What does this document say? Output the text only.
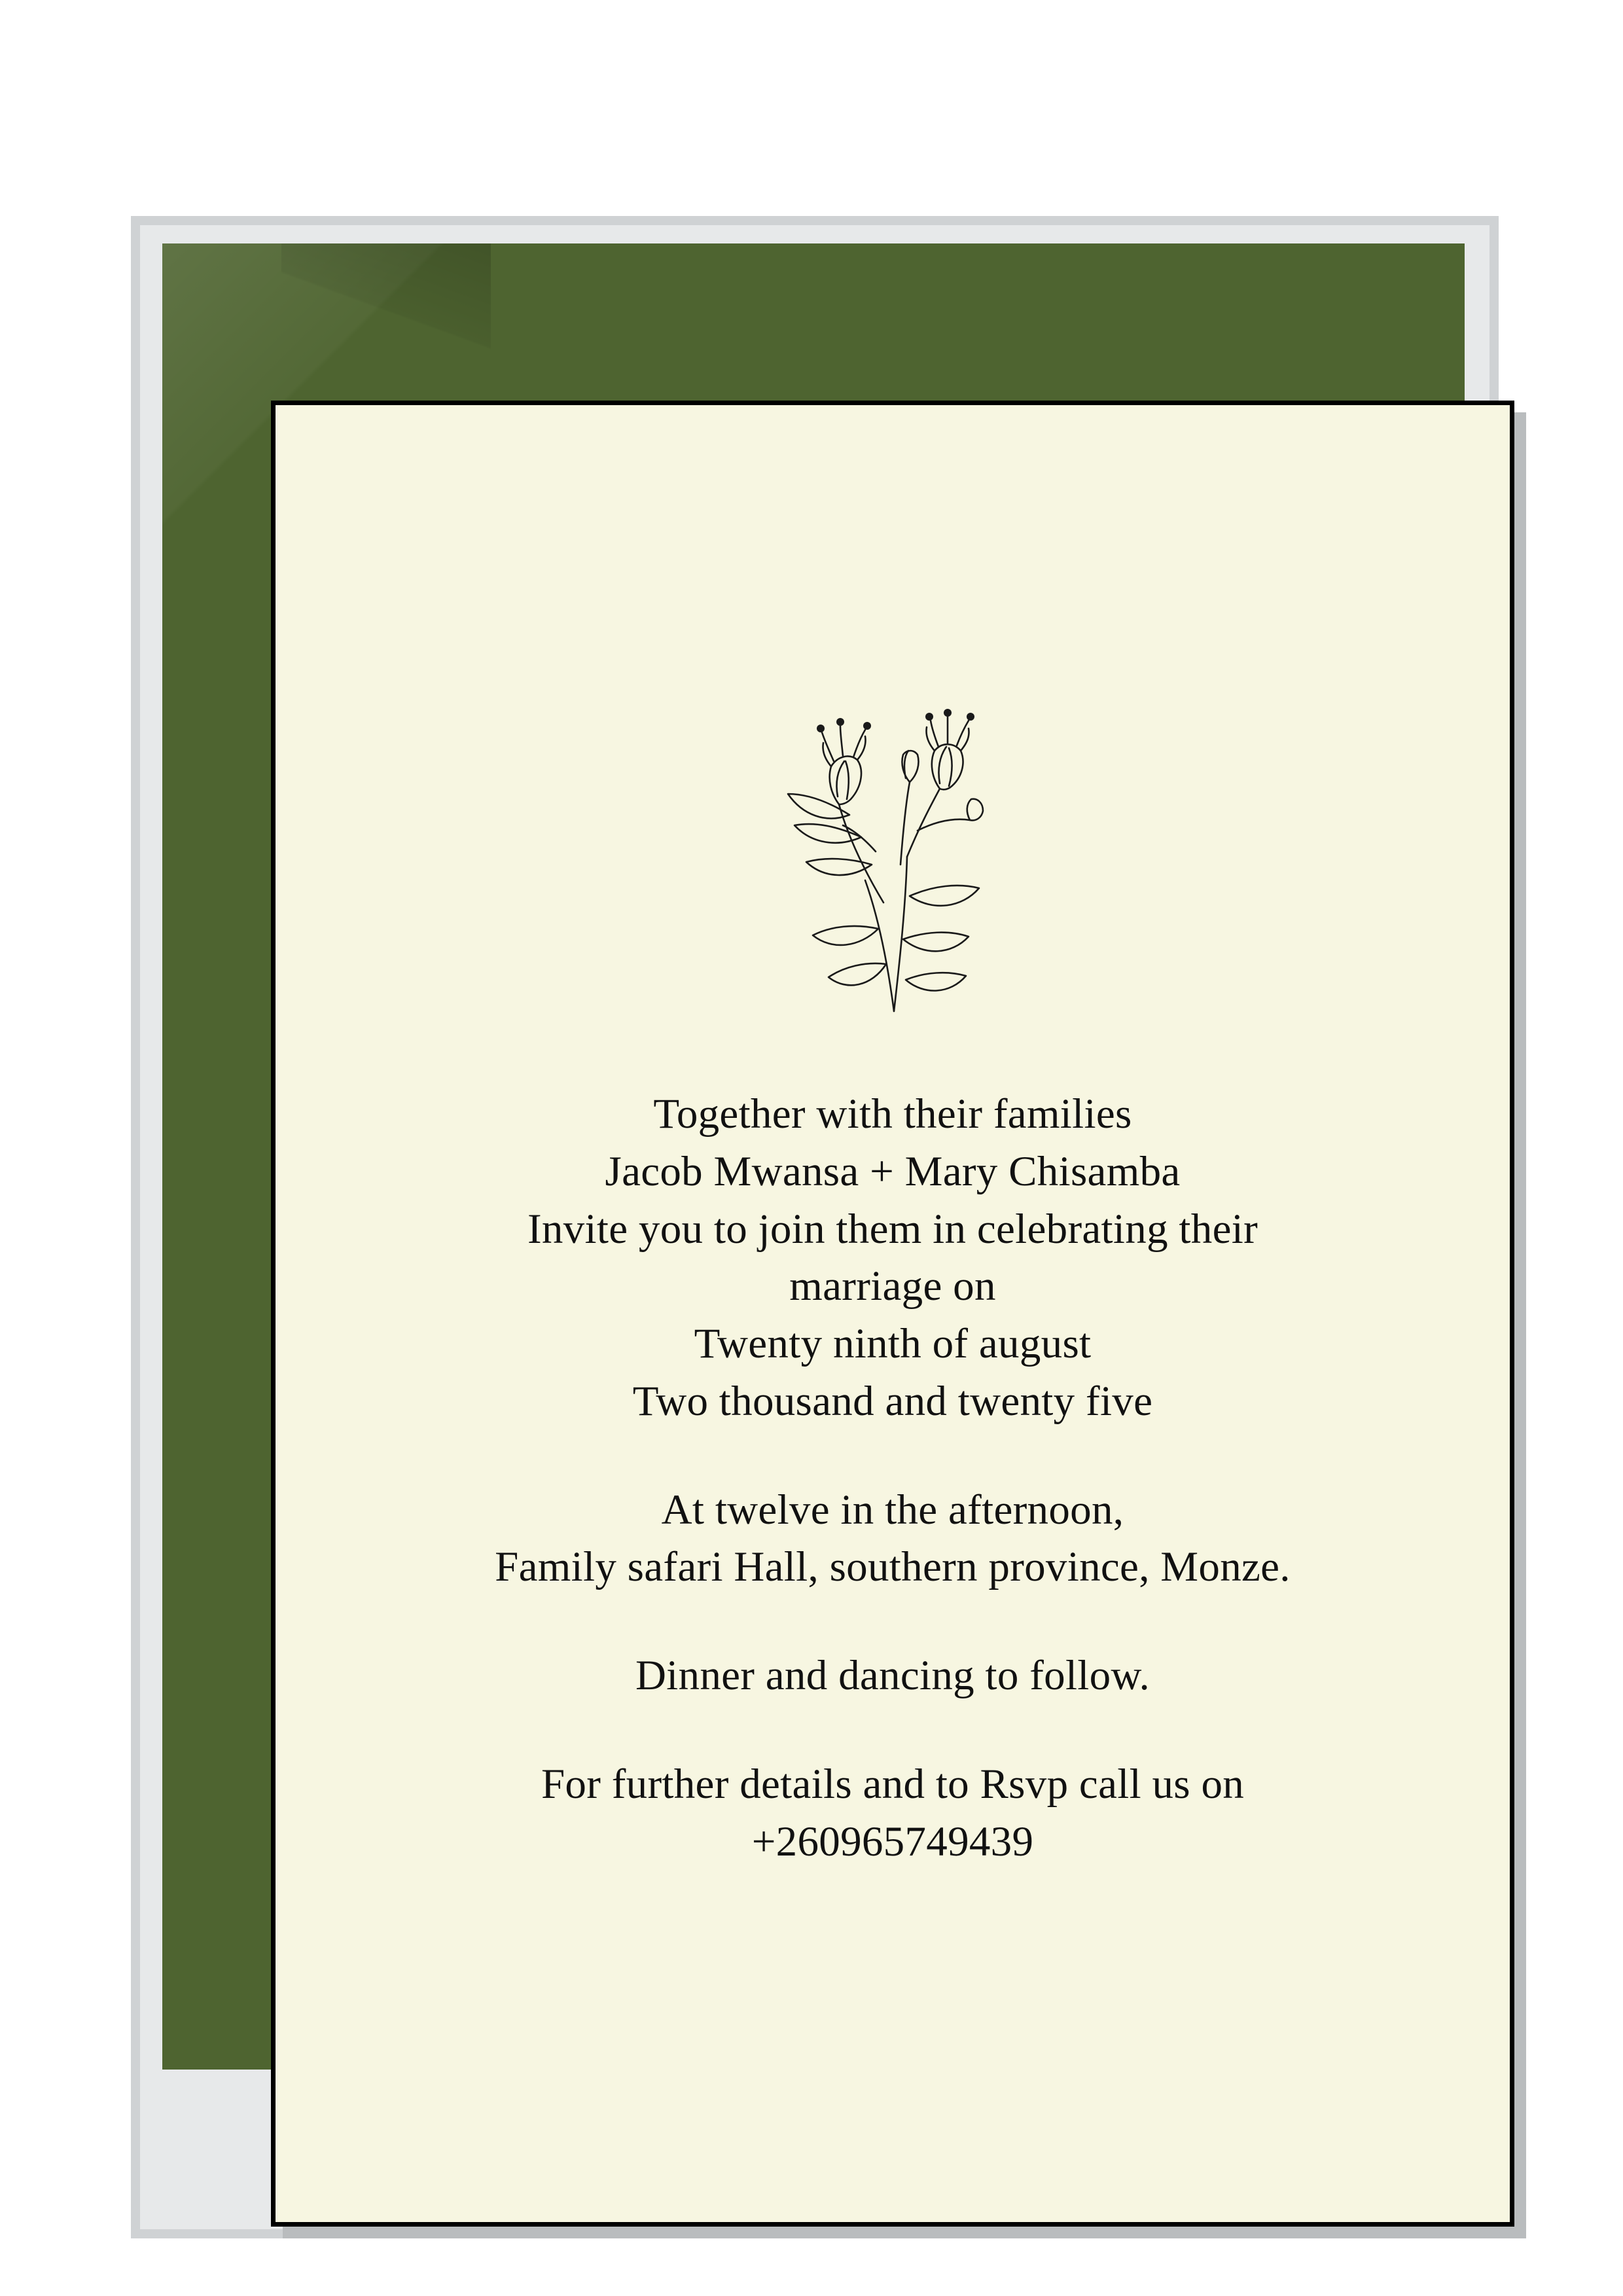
Together with their families
Jacob Mwansa + Mary Chisamba
Invite you to join them in celebrating their
marriage on
Twenty ninth of august
Two thousand and twenty five

At twelve in the afternoon,
Family safari Hall, southern province, Monze.

Dinner and dancing to follow.

For further details and to Rsvp call us on
+260965749439
